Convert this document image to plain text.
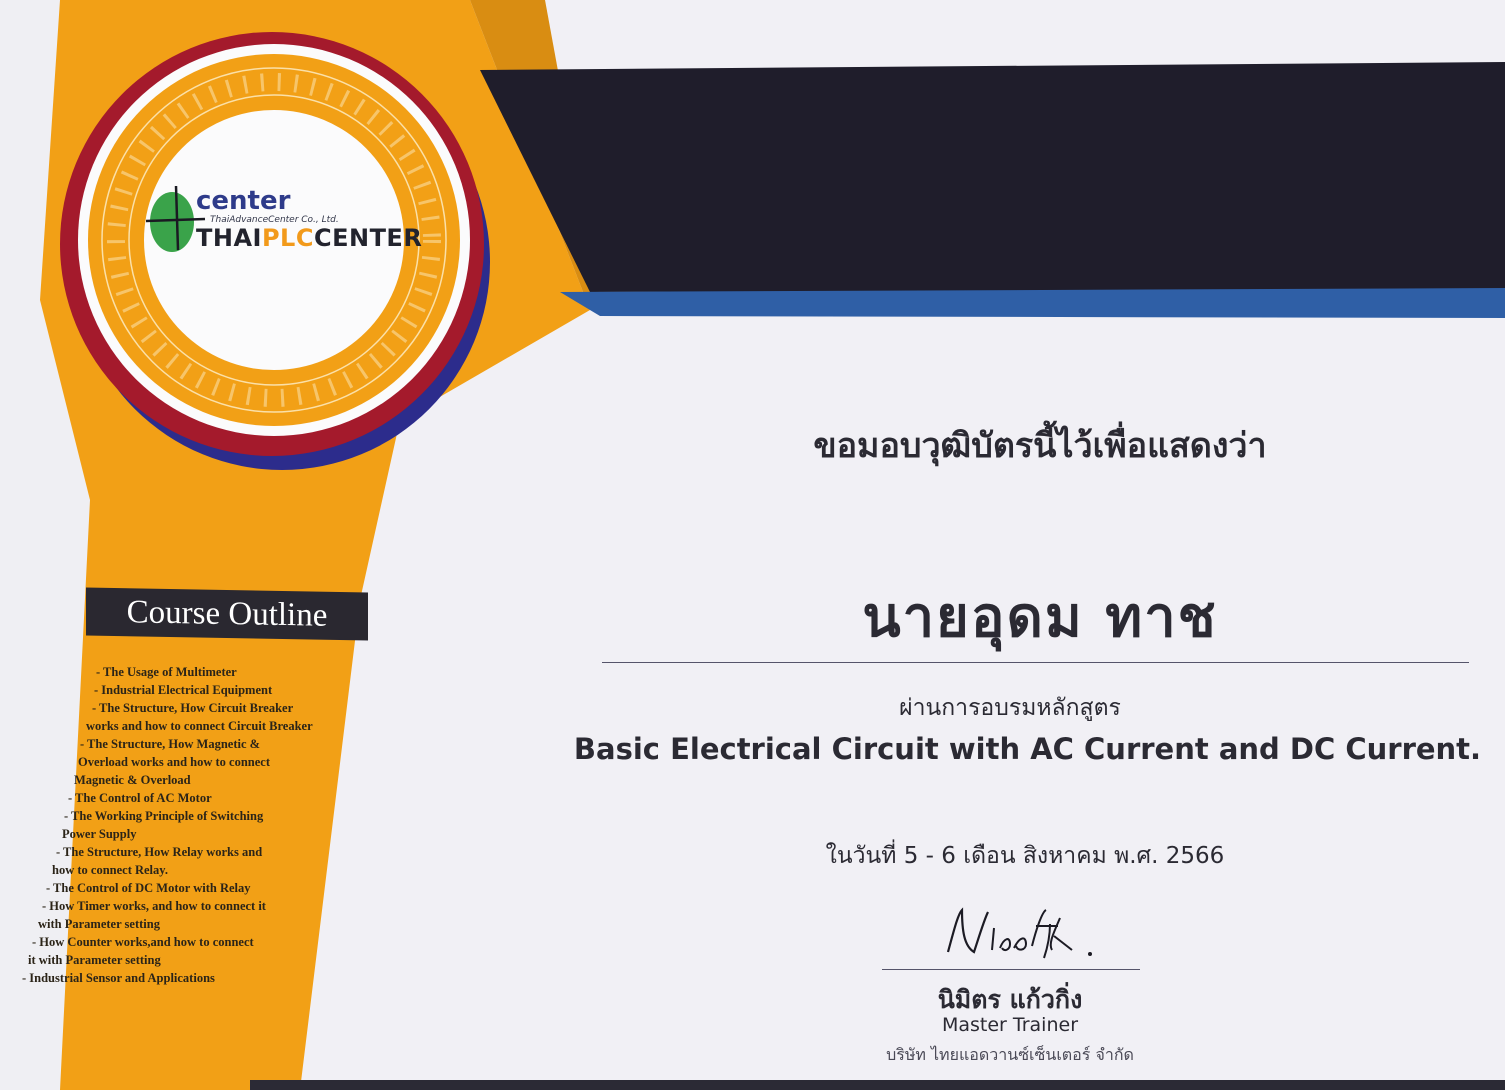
center
ThaiAdvanceCenter Co., Ltd.
THAIPLCCENTER
Course Outline
- The Usage of Multimeter
- Industrial Electrical Equipment
- The Structure, How Circuit Breaker
works and how to connect Circuit Breaker
- The Structure, How Magnetic &
Overload works and how to connect
Magnetic & Overload
- The Control of AC Motor
- The Working Principle of Switching
Power Supply
- The Structure, How Relay works and
how to connect Relay.
- The Control of DC Motor with Relay
- How Timer works, and how to connect it
with Parameter setting
- How Counter works,and how to connect
it with Parameter setting
- Industrial Sensor and Applications
ขอมอบวุฒิบัตรนี้ไว้เพื่อแสดงว่า
นายอุดม ทาช
ผ่านการอบรมหลักสูตร
Basic Electrical Circuit with AC Current and DC Current.
ในวันที่ 5 - 6 เดือน สิงหาคม พ.ศ. 2566
นิมิตร แก้วกิ่ง
Master Trainer
บริษัท ไทยแอดวานซ์เซ็นเตอร์ จำกัด
